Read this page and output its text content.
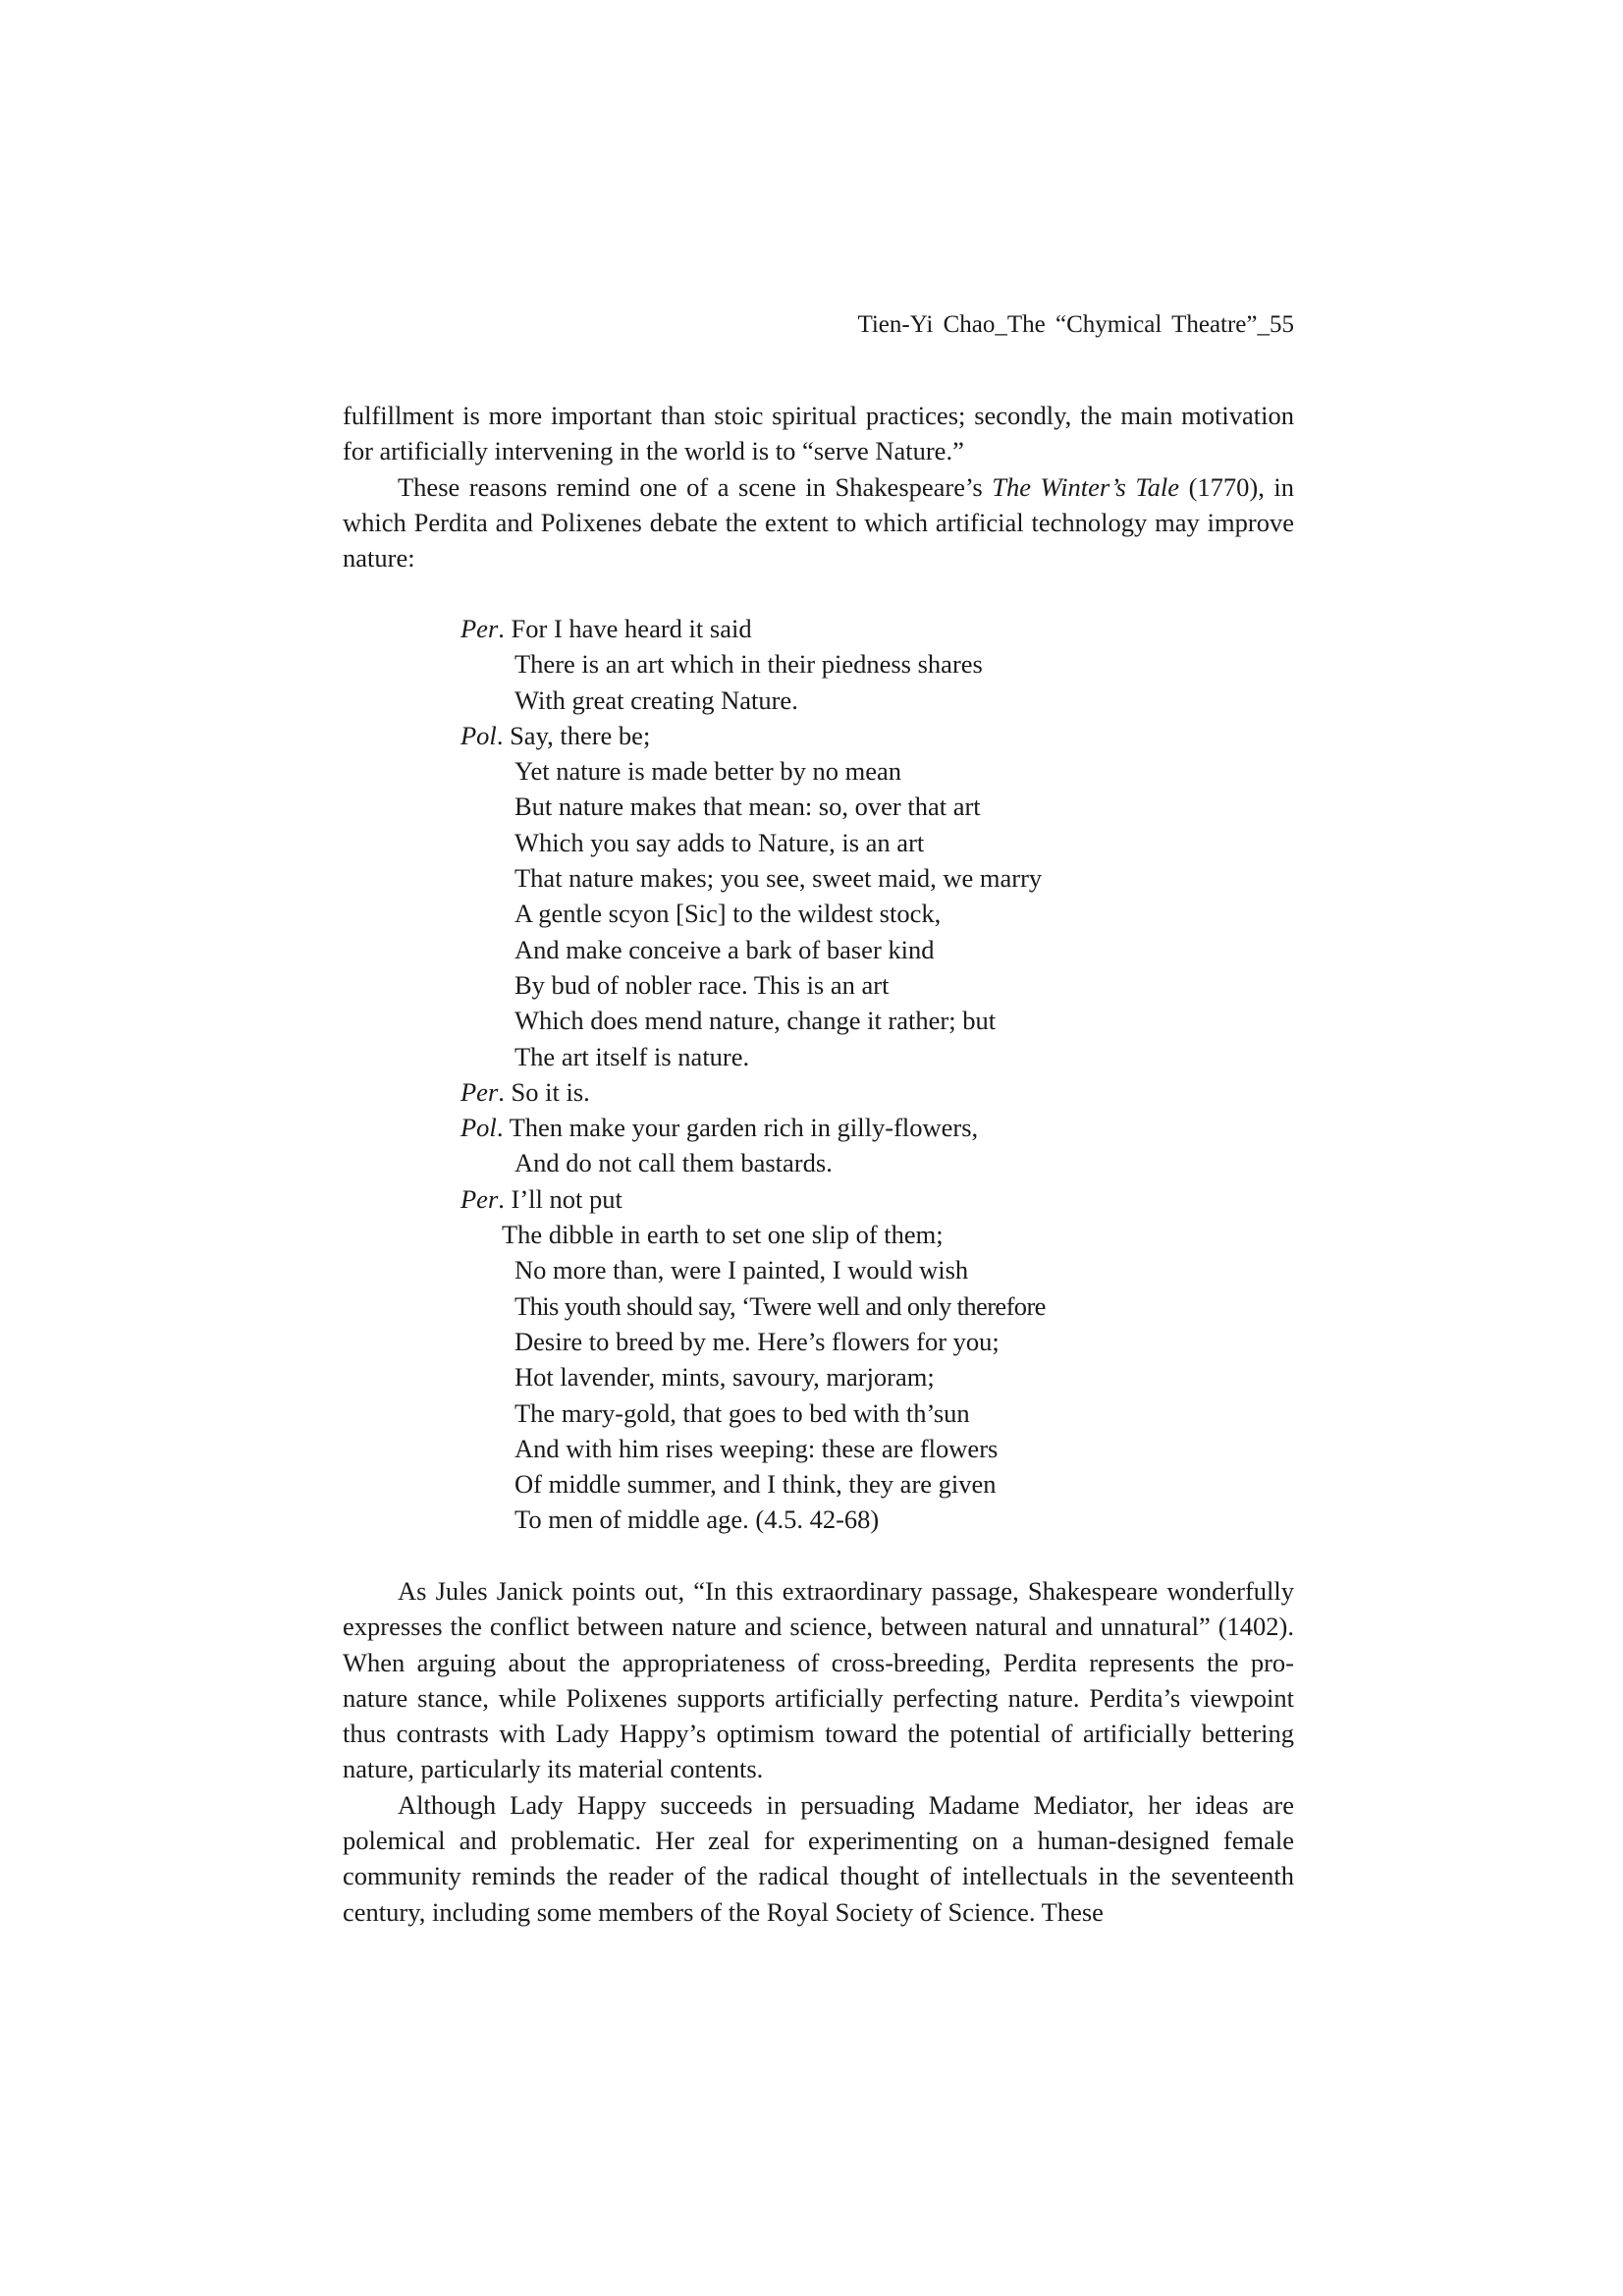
Tien-Yi Chao_The “Chymical Theatre”_55

fulfillment is more important than stoic spiritual practices; secondly, the main motivation for artificially intervening in the world is to “serve Nature.”

These reasons remind one of a scene in Shakespeare’s The Winter’s Tale (1770), in which Perdita and Polixenes debate the extent to which artificial technology may improve nature:

Per. For I have heard it said

There is an art which in their piedness shares

With great creating Nature.

Pol. Say, there be;

Yet nature is made better by no mean

But nature makes that mean: so, over that art

Which you say adds to Nature, is an art

That nature makes; you see, sweet maid, we marry

A gentle scyon [Sic] to the wildest stock,

And make conceive a bark of baser kind

By bud of nobler race. This is an art

Which does mend nature, change it rather; but

The art itself is nature.

Per. So it is.

Pol. Then make your garden rich in gilly-flowers,

And do not call them bastards.

Per. I’ll not put

The dibble in earth to set one slip of them;

No more than, were I painted, I would wish

This youth should say, ‘Twere well and only therefore

Desire to breed by me. Here’s flowers for you;

Hot lavender, mints, savoury, marjoram;

The mary-gold, that goes to bed with th’sun

And with him rises weeping: these are flowers

Of middle summer, and I think, they are given

To men of middle age. (4.5. 42-68)

As Jules Janick points out, “In this extraordinary passage, Shakespeare wonderfully expresses the conflict between nature and science, between natural and unnatural” (1402). When arguing about the appropriateness of cross-breeding, Perdita represents the pro-nature stance, while Polixenes supports artificially perfecting nature. Perdita’s viewpoint thus contrasts with Lady Happy’s optimism toward the potential of artificially bettering nature, particularly its material contents.

Although Lady Happy succeeds in persuading Madame Mediator, her ideas are polemical and problematic. Her zeal for experimenting on a human-designed female community reminds the reader of the radical thought of intellectuals in the seventeenth century, including some members of the Royal Society of Science. These
